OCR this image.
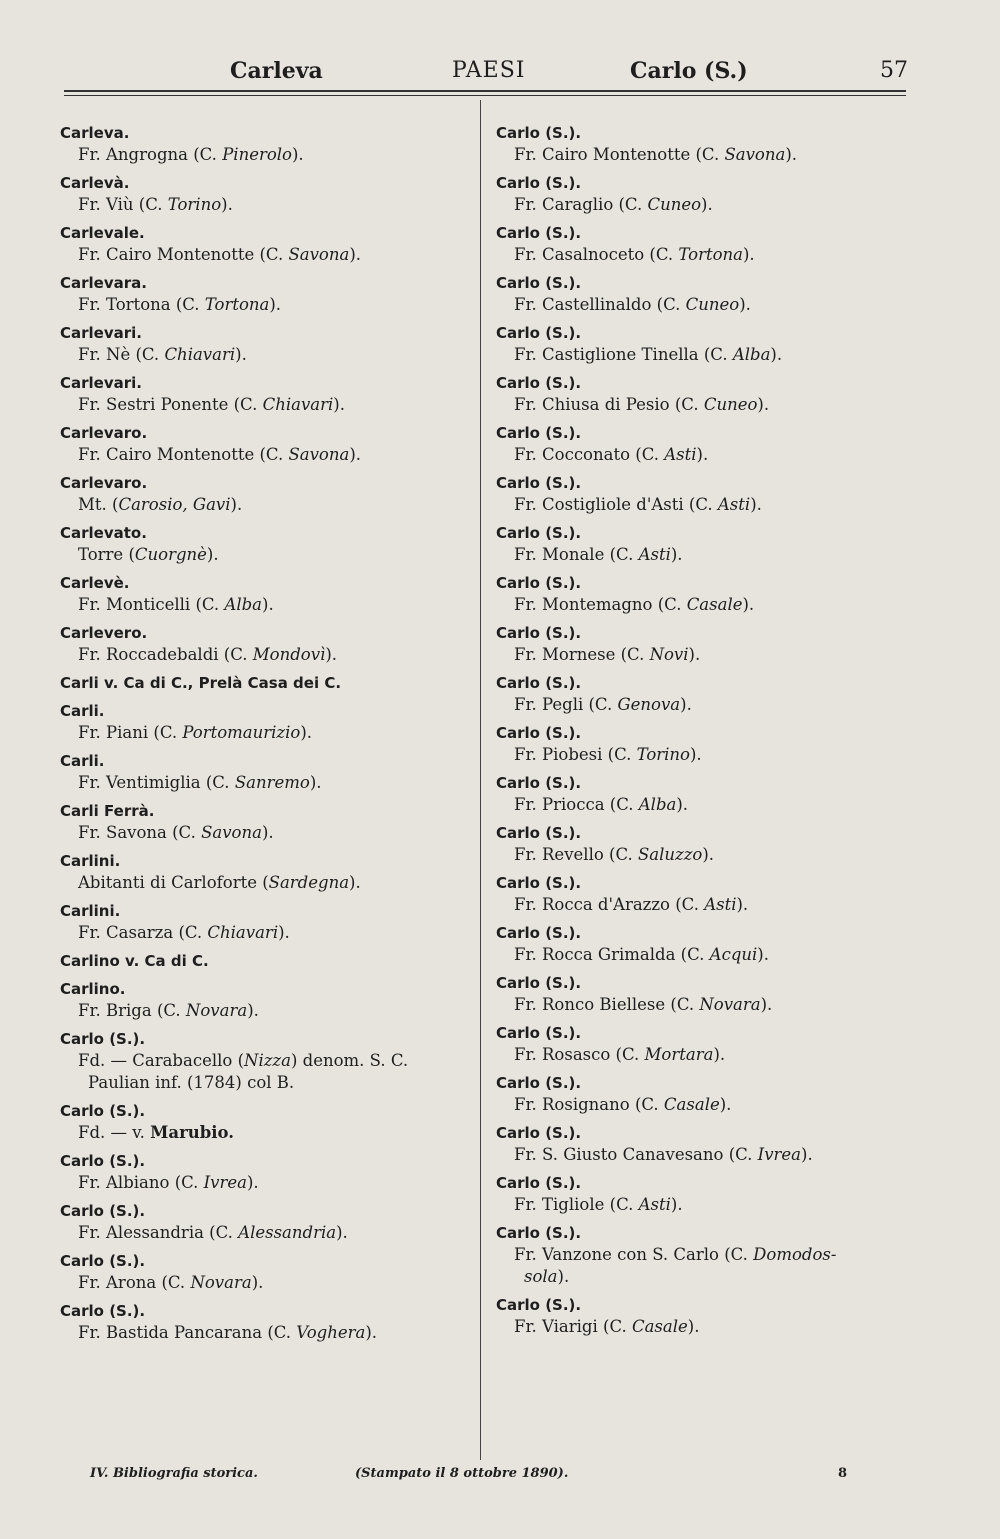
Carleva	PAESI	Carlo (S.)	57
Carleva.
Fr. Angrogna (C. Pinerolo).
Carlevà.
Fr. Viù (C. Torino).
Carlevale.
Fr. Cairo Montenotte (C. Savona).
Carlevara.
Fr. Tortona (C. Tortona).
Carlevari.
Fr. Nè (C. Chiavari).
Carlevari.
Fr. Sestri Ponente (C. Chiavari).
Carlevaro.
Fr. Cairo Montenotte (C. Savona).
Carlevaro.
Mt. (Carosio, Gavi).
Carlevato.
Torre (Cuorgnè).
Carlevè.
Fr. Monticelli (C. Alba).
Carlevero.
Fr. Roccadebaldi (C. Mondovì).
Carli v. Ca di C., Prelà Casa dei C.
Carli.
Fr. Piani (C. Portomaurizio).
Carli.
Fr. Ventimiglia (C. Sanremo).
Carli Ferrà.
Fr. Savona (C. Savona).
Carlini.
Abitanti di Carloforte (Sardegna).
Carlini.
Fr. Casarza (C. Chiavari).
Carlino v. Ca di C.
Carlino.
Fr. Briga (C. Novara).
Carlo (S.).
Fd. — Carabacello (Nizza) denom. S. C.
Paulian inf. (1784) col B.
Carlo (S.).
Fd. — v. Marubio.
Carlo (S.).
Fr. Albiano (C. Ivrea).
Carlo (S.).
Fr. Alessandria (C. Alessandria).
Carlo (S.).
Fr. Arona (C. Novara).
Carlo (S.).
Fr. Bastida Pancarana (C. Voghera).
Carlo (S.).
Fr. Cairo Montenotte (C. Savona).
Carlo (S.).
Fr. Caraglio (C. Cuneo).
Carlo (S.).
Fr. Casalnoceto (C. Tortona).
Carlo (S.).
Fr. Castellinaldo (C. Cuneo).
Carlo (S.).
Fr. Castiglione Tinella (C. Alba).
Carlo (S.).
Fr. Chiusa di Pesio (C. Cuneo).
Carlo (S.).
Fr. Cocconato (C. Asti).
Carlo (S.).
Fr. Costigliole d'Asti (C. Asti).
Carlo (S.).
Fr. Monale (C. Asti).
Carlo (S.).
Fr. Montemagno (C. Casale).
Carlo (S.).
Fr. Mornese (C. Novi).
Carlo (S.).
Fr. Pegli (C. Genova).
Carlo (S.).
Fr. Piobesi (C. Torino).
Carlo (S.).
Fr. Priocca (C. Alba).
Carlo (S.).
Fr. Revello (C. Saluzzo).
Carlo (S.).
Fr. Rocca d'Arazzo (C. Asti).
Carlo (S.).
Fr. Rocca Grimalda (C. Acqui).
Carlo (S.).
Fr. Ronco Biellese (C. Novara).
Carlo (S.).
Fr. Rosasco (C. Mortara).
Carlo (S.).
Fr. Rosignano (C. Casale).
Carlo (S.).
Fr. S. Giusto Canavesano (C. Ivrea).
Carlo (S.).
Fr. Tigliole (C. Asti).
Carlo (S.).
Fr. Vanzone con S. Carlo (C. Domodos-
sola).
Carlo (S.).
Fr. Viarigi (C. Casale).
IV. Bibliografia storica.	(Stampato il 8 ottobre 1890).	8
